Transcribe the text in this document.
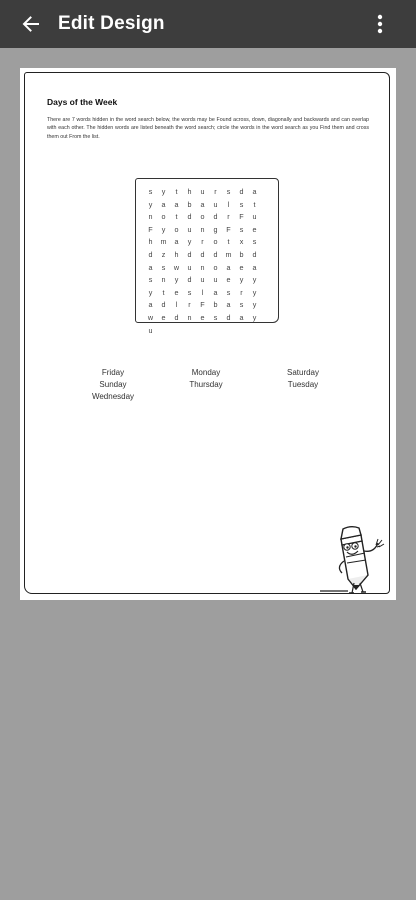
Edit Design
Days of the Week
There are 7 words hidden in the word search below, the words may be Found across, down, diagonally and backwards and can overlap with each other. The hidden words are listed beneath the word search; circle the words in the word search as you Find them and cross them out From the list.
s	y	t	h	u	r	s	d	a
y	a	a	b	a	u	l	s	t
n	o	t	d	o	d	r	F	u
F	y	o	u	n	g	F	s	e
h	m	a	y	r	o	t	x	s
d	z	h	d	d	d	m	b	d
a	s	w	u	n	o	a	e	a
s	n	y	d	u	u	e	y	y
y	t	e	s	l	a	s	r	y
a	d	l	r	F	b	a	s	y
w	e	d	n	e	s	d	a	y
u
Friday	Monday	Saturday
Sunday	Thursday	Tuesday
Wednesday
